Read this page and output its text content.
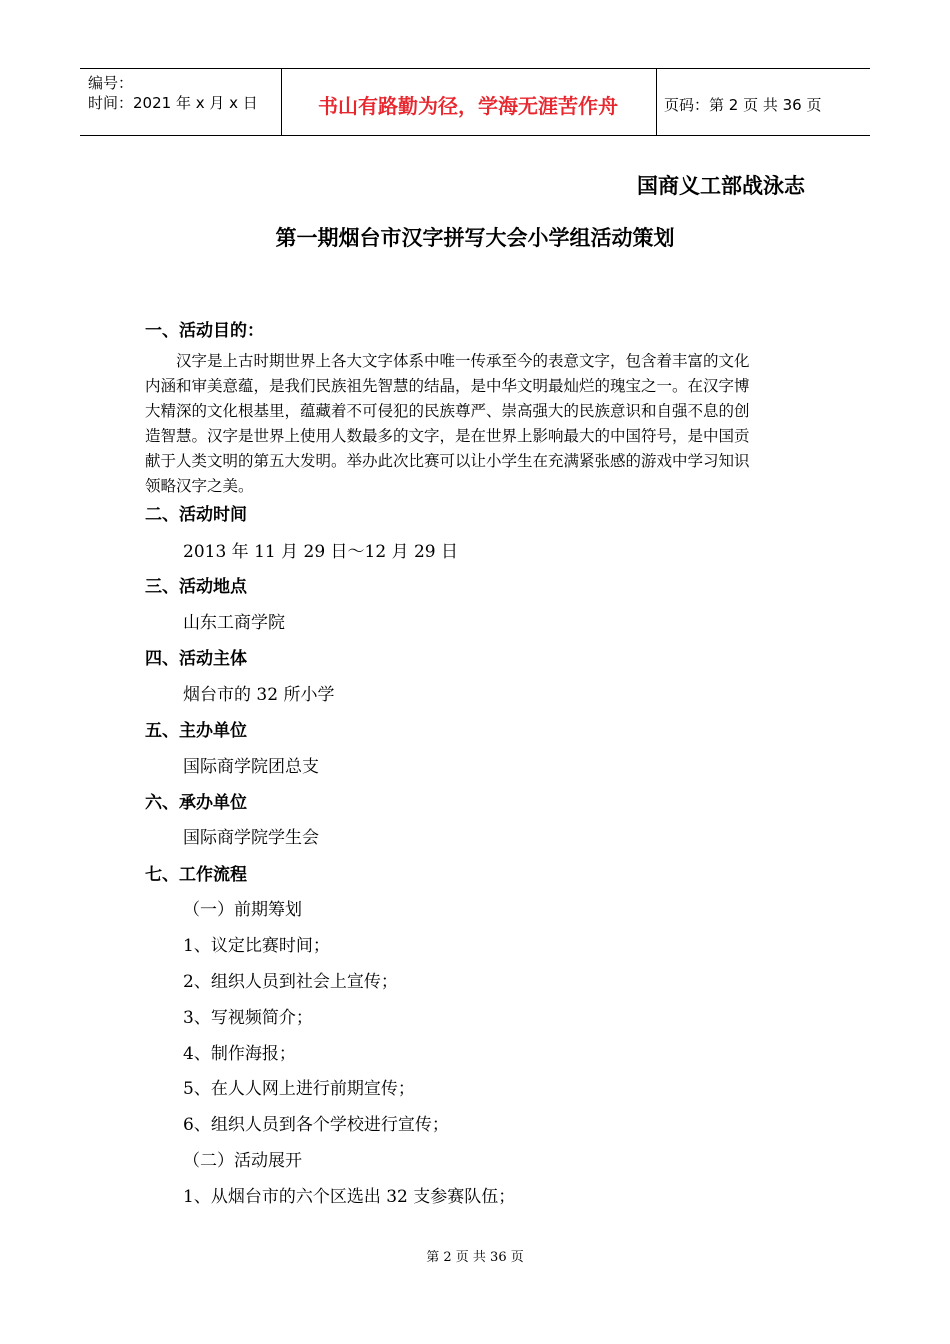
编号：
时间：2021 年 x 月 x 日	书山有路勤为径，学海无涯苦作舟	页码：第 2 页 共 36 页
国商义工部战泳志
第一期烟台市汉字拼写大会小学组活动策划
一、活动目的：
汉字是上古时期世界上各大文字体系中唯一传承至今的表意文字，包含着丰富的文化
内涵和审美意蕴，是我们民族祖先智慧的结晶，是中华文明最灿烂的瑰宝之一。在汉字博
大精深的文化根基里，蕴藏着不可侵犯的民族尊严、崇高强大的民族意识和自强不息的创
造智慧。汉字是世界上使用人数最多的文字，是在世界上影响最大的中国符号，是中国贡
献于人类文明的第五大发明。举办此次比赛可以让小学生在充满紧张感的游戏中学习知识
领略汉字之美。
二、活动时间
2013 年 11 月 29 日～12 月 29 日
三、活动地点
山东工商学院
四、活动主体
烟台市的 32 所小学
五、主办单位
国际商学院团总支
六、承办单位
国际商学院学生会
七、工作流程
（一）前期筹划
1、议定比赛时间；
2、组织人员到社会上宣传；
3、写视频简介；
4、制作海报；
5、在人人网上进行前期宣传；
6、组织人员到各个学校进行宣传；
（二）活动展开
1、从烟台市的六个区选出 32 支参赛队伍；
第 2 页 共 36 页
